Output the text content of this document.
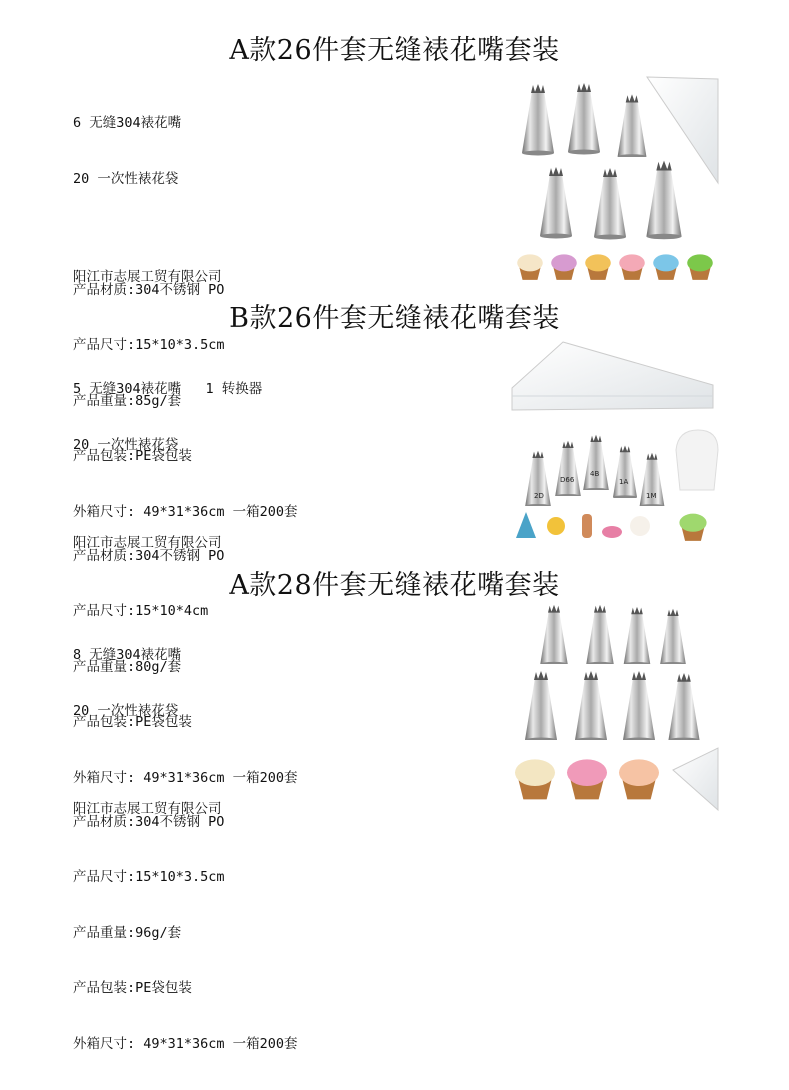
A款26件套无缝裱花嘴套装

6 无缝304裱花嘴

20 一次性裱花袋

产品材质:304不锈钢 PO

产品尺寸:15*10*3.5cm

产品重量:85g/套

产品包装:PE袋包装

外箱尺寸: 49*31*36cm 一箱200套

阳江市志展工贸有限公司
B款26件套无缝裱花嘴套装

5 无缝304裱花嘴   1 转换器

20 一次性裱花袋

产品材质:304不锈钢 PO

产品尺寸:15*10*4cm

产品重量:80g/套

产品包装:PE袋包装

外箱尺寸: 49*31*36cm 一箱200套

阳江市志展工贸有限公司
2D
D66
4B
1A
1M
A款28件套无缝裱花嘴套装

8 无缝304裱花嘴

20 一次性裱花袋

产品材质:304不锈钢 PO

产品尺寸:15*10*3.5cm

产品重量:96g/套

产品包装:PE袋包装

外箱尺寸: 49*31*36cm 一箱200套

阳江市志展工贸有限公司
